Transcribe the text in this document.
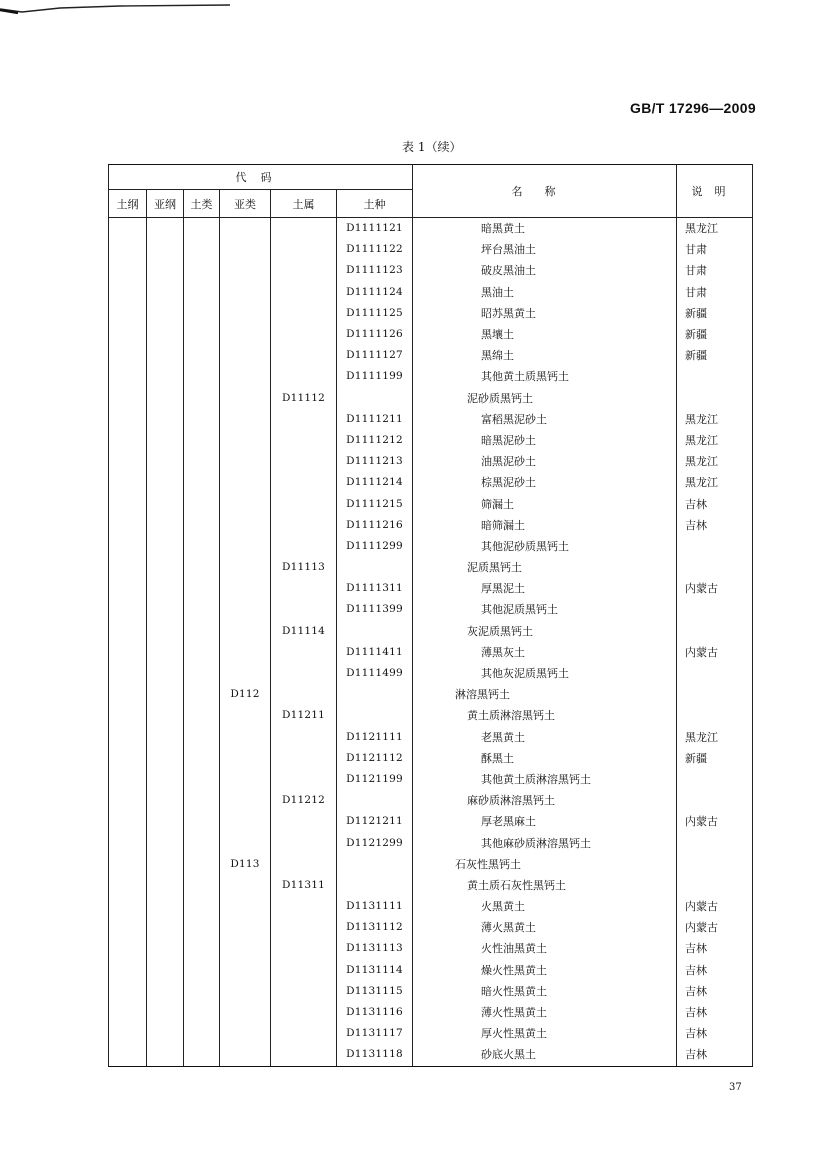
GB/T 17296—2009
表 1（续）
代码						名称	说明
土纲	亚纲	土类	亚类	土属	土种		
					D1111121	暗黑黄土	黑龙江
					D1111122	坪台黑油土	甘肃
					D1111123	破皮黑油土	甘肃
					D1111124	黑油土	甘肃
					D1111125	昭苏黑黄土	新疆
					D1111126	黑壤土	新疆
					D1111127	黑绵土	新疆
					D1111199	其他黄土质黑钙土	
				D11112		泥砂质黑钙土	
					D1111211	富稻黑泥砂土	黑龙江
					D1111212	暗黑泥砂土	黑龙江
					D1111213	油黑泥砂土	黑龙江
					D1111214	棕黑泥砂土	黑龙江
					D1111215	筛漏土	吉林
					D1111216	暗筛漏土	吉林
					D1111299	其他泥砂质黑钙土	
				D11113		泥质黑钙土	
					D1111311	厚黑泥土	内蒙古
					D1111399	其他泥质黑钙土	
				D11114		灰泥质黑钙土	
					D1111411	薄黑灰土	内蒙古
					D1111499	其他灰泥质黑钙土	
			D112			淋溶黑钙土	
				D11211		黄土质淋溶黑钙土	
					D1121111	老黑黄土	黑龙江
					D1121112	酥黑土	新疆
					D1121199	其他黄土质淋溶黑钙土	
				D11212		麻砂质淋溶黑钙土	
					D1121211	厚老黑麻土	内蒙古
					D1121299	其他麻砂质淋溶黑钙土	
			D113			石灰性黑钙土	
				D11311		黄土质石灰性黑钙土	
					D1131111	火黑黄土	内蒙古
					D1131112	薄火黑黄土	内蒙古
					D1131113	火性油黑黄土	吉林
					D1131114	燥火性黑黄土	吉林
					D1131115	暗火性黑黄土	吉林
					D1131116	薄火性黑黄土	吉林
					D1131117	厚火性黑黄土	吉林
					D1131118	砂底火黑土	吉林
37
